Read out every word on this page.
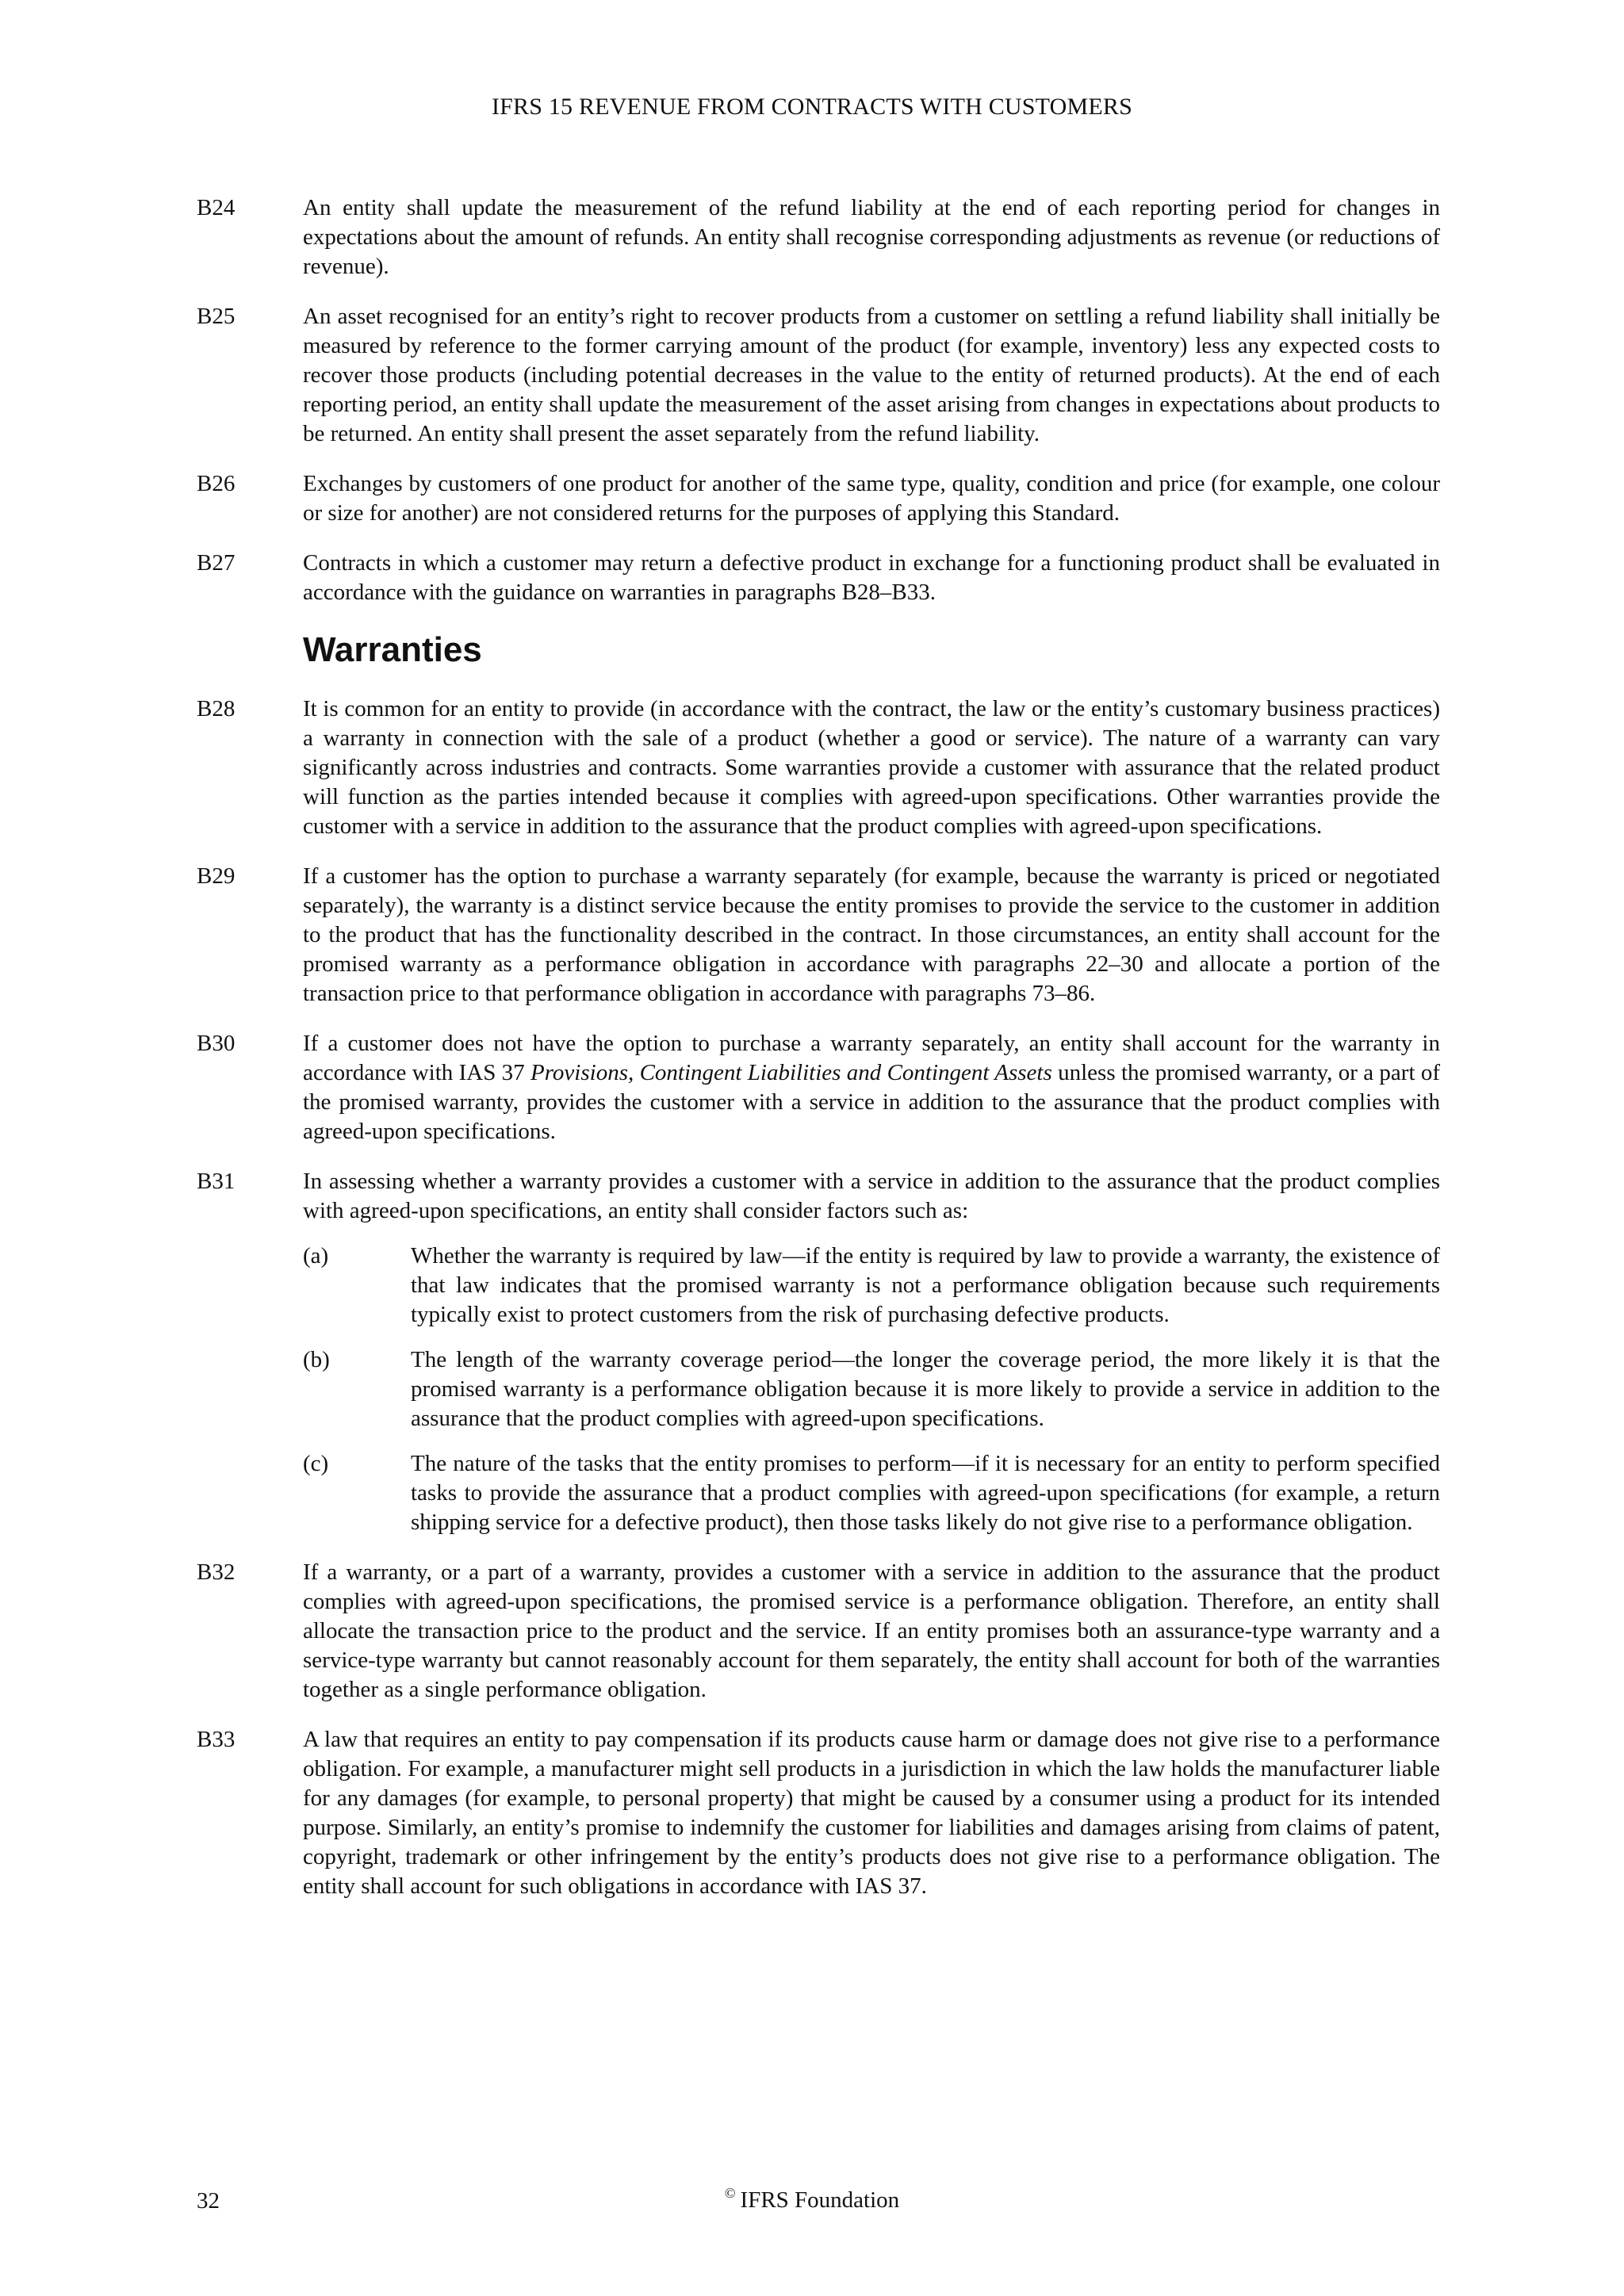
IFRS 15 REVENUE FROM CONTRACTS WITH CUSTOMERS
B24	An entity shall update the measurement of the refund liability at the end of each reporting period for changes in expectations about the amount of refunds. An entity shall recognise corresponding adjustments as revenue (or reductions of revenue).
B25	An asset recognised for an entity’s right to recover products from a customer on settling a refund liability shall initially be measured by reference to the former carrying amount of the product (for example, inventory) less any expected costs to recover those products (including potential decreases in the value to the entity of returned products). At the end of each reporting period, an entity shall update the measurement of the asset arising from changes in expectations about products to be returned. An entity shall present the asset separately from the refund liability.
B26	Exchanges by customers of one product for another of the same type, quality, condition and price (for example, one colour or size for another) are not considered returns for the purposes of applying this Standard.
B27	Contracts in which a customer may return a defective product in exchange for a functioning product shall be evaluated in accordance with the guidance on warranties in paragraphs B28–B33.
Warranties
B28	It is common for an entity to provide (in accordance with the contract, the law or the entity’s customary business practices) a warranty in connection with the sale of a product (whether a good or service). The nature of a warranty can vary significantly across industries and contracts. Some warranties provide a customer with assurance that the related product will function as the parties intended because it complies with agreed-upon specifications. Other warranties provide the customer with a service in addition to the assurance that the product complies with agreed-upon specifications.
B29	If a customer has the option to purchase a warranty separately (for example, because the warranty is priced or negotiated separately), the warranty is a distinct service because the entity promises to provide the service to the customer in addition to the product that has the functionality described in the contract. In those circumstances, an entity shall account for the promised warranty as a performance obligation in accordance with paragraphs 22–30 and allocate a portion of the transaction price to that performance obligation in accordance with paragraphs 73–86.
B30	If a customer does not have the option to purchase a warranty separately, an entity shall account for the warranty in accordance with IAS 37 Provisions, Contingent Liabilities and Contingent Assets unless the promised warranty, or a part of the promised warranty, provides the customer with a service in addition to the assurance that the product complies with agreed-upon specifications.
B31	In assessing whether a warranty provides a customer with a service in addition to the assurance that the product complies with agreed-upon specifications, an entity shall consider factors such as:
(a)	Whether the warranty is required by law—if the entity is required by law to provide a warranty, the existence of that law indicates that the promised warranty is not a performance obligation because such requirements typically exist to protect customers from the risk of purchasing defective products.
(b)	The length of the warranty coverage period—the longer the coverage period, the more likely it is that the promised warranty is a performance obligation because it is more likely to provide a service in addition to the assurance that the product complies with agreed-upon specifications.
(c)	The nature of the tasks that the entity promises to perform—if it is necessary for an entity to perform specified tasks to provide the assurance that a product complies with agreed-upon specifications (for example, a return shipping service for a defective product), then those tasks likely do not give rise to a performance obligation.
B32	If a warranty, or a part of a warranty, provides a customer with a service in addition to the assurance that the product complies with agreed-upon specifications, the promised service is a performance obligation. Therefore, an entity shall allocate the transaction price to the product and the service. If an entity promises both an assurance-type warranty and a service-type warranty but cannot reasonably account for them separately, the entity shall account for both of the warranties together as a single performance obligation.
B33	A law that requires an entity to pay compensation if its products cause harm or damage does not give rise to a performance obligation. For example, a manufacturer might sell products in a jurisdiction in which the law holds the manufacturer liable for any damages (for example, to personal property) that might be caused by a consumer using a product for its intended purpose. Similarly, an entity’s promise to indemnify the customer for liabilities and damages arising from claims of patent, copyright, trademark or other infringement by the entity’s products does not give rise to a performance obligation. The entity shall account for such obligations in accordance with IAS 37.
32	© IFRS Foundation
